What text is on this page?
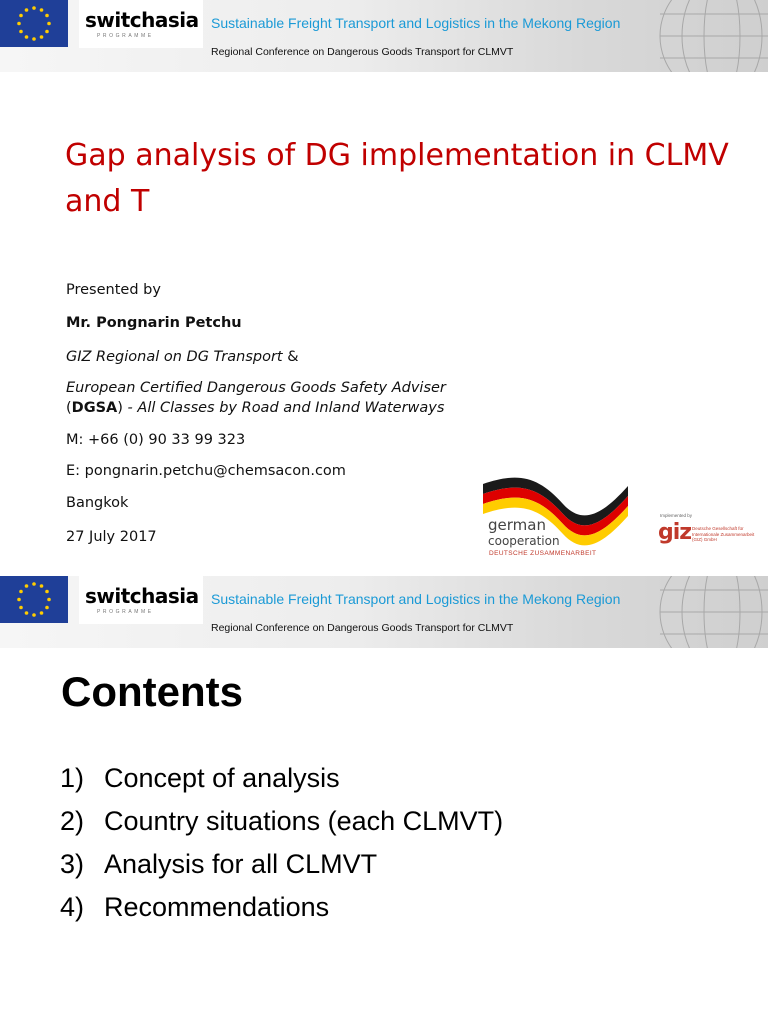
switchasia
PROGRAMME
Sustainable Freight Transport and Logistics in the Mekong Region
Regional Conference on Dangerous Goods Transport for CLMVT
Gap analysis of DG implementation in CLMV and T
Presented by
Mr. Pongnarin Petchu
GIZ Regional on DG Transport &
European Certified Dangerous Goods Safety Adviser
(DGSA) - All Classes by Road and Inland Waterways
M: +66 (0) 90 33 99 323
E: pongnarin.petchu@chemsacon.com
Bangkok
27 July 2017
german
cooperation
DEUTSCHE ZUSAMMENARBEIT
Implemented by
giz Deutsche Gesellschaft für Internationale Zusammenarbeit (GIZ) GmbH
switchasia
PROGRAMME
Sustainable Freight Transport and Logistics in the Mekong Region
Regional Conference on Dangerous Goods Transport for CLMVT
Contents
1) Concept of analysis
2) Country situations (each CLMVT)
3) Analysis for all CLMVT
4) Recommendations
